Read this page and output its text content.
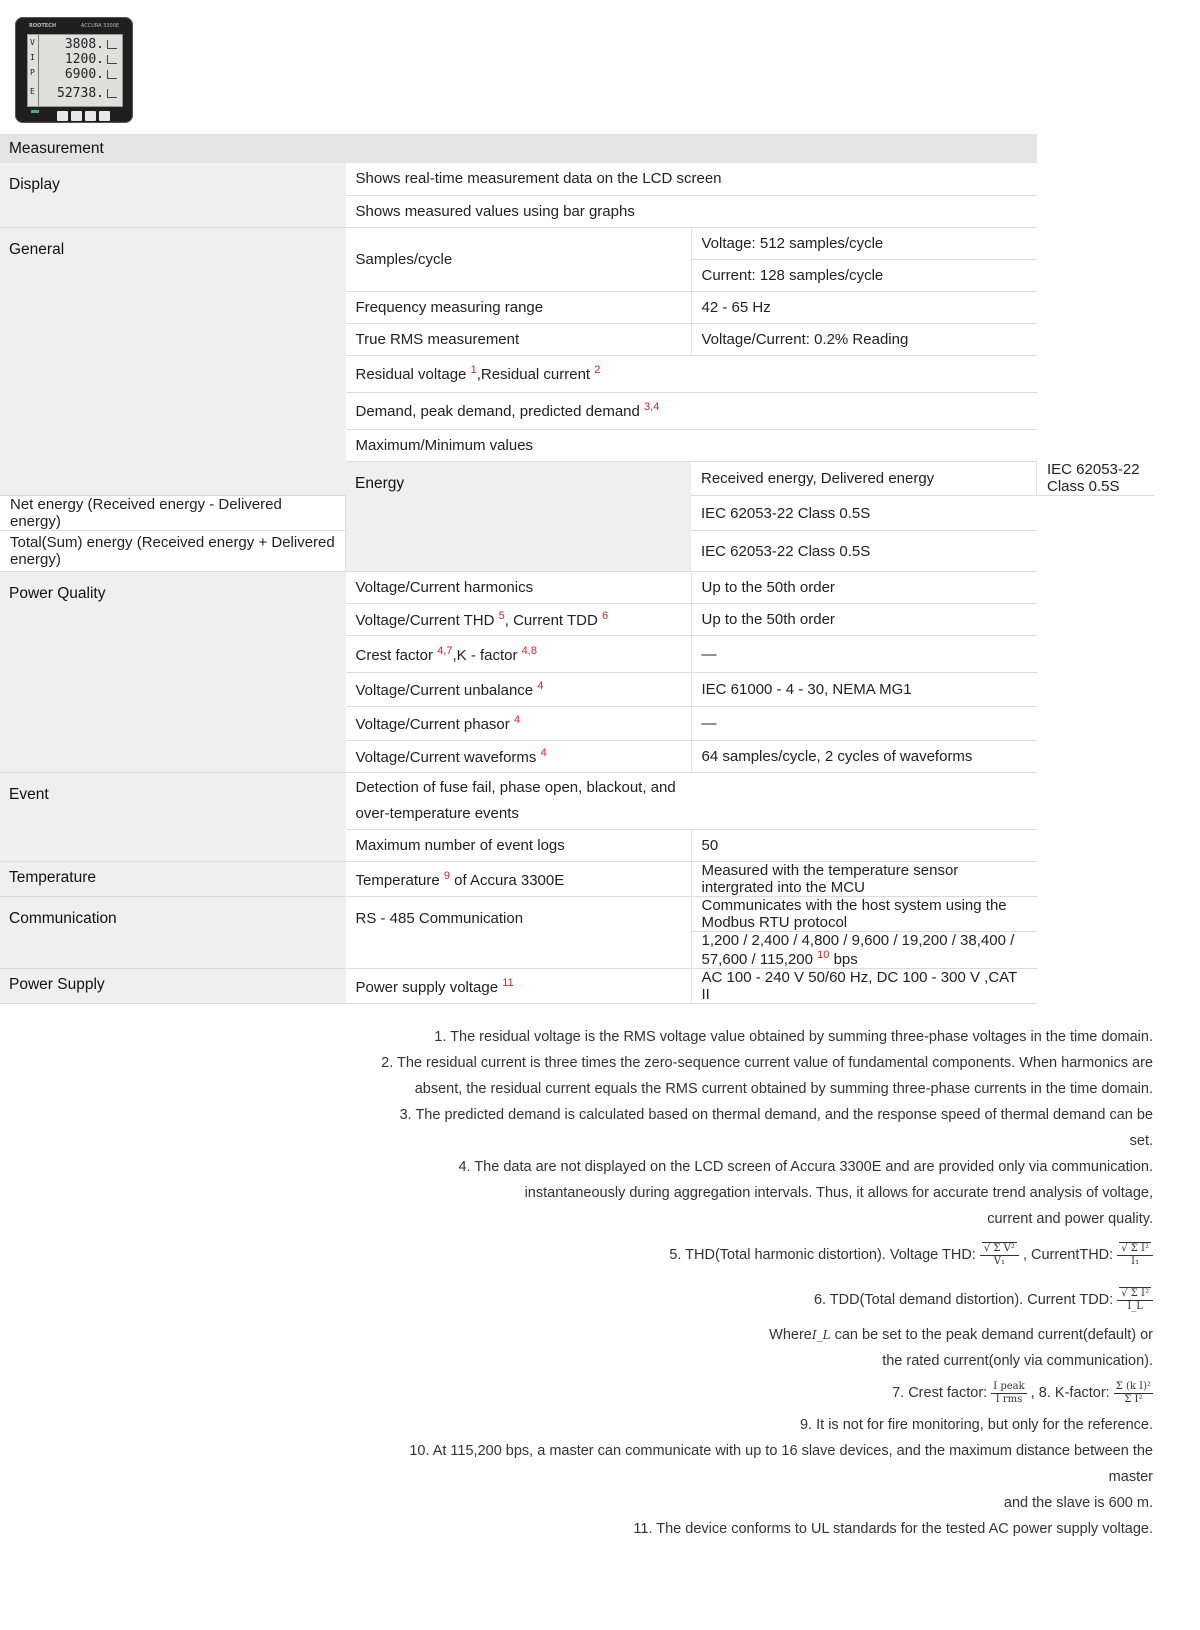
ROOTECH	ACCURA 3300E
V 3808.
I 1200.
P 6900.
E 52738.
Measurement			
Display	Shows real-time measurement data on the LCD screen		
	Shows measured values using bar graphs		
General	Samples/cycle	Voltage: 512 samples/cycle	
		Current: 128 samples/cycle	
	Frequency measuring range	42 - 65 Hz	
	True RMS measurement	Voltage/Current: 0.2% Reading	
	Residual voltage $^1$,Residual current $^2$
	Demand, peak demand, predicted demand $^{3,4}$
	Maximum/Minimum values		
	Energy	Received energy, Delivered energy	IEC 62053-22 Class 0.5S
Net energy (Received energy - Delivered energy)		IEC 62053-22 Class 0.5S	
Total(Sum) energy (Received energy + Delivered energy)		IEC 62053-22 Class 0.5S	
Power Quality	Voltage/Current harmonics	Up to the 50th order	
	Voltage/Current THD $^5$, Current TDD $^6$	Up to the 50th order	
	Crest factor $^{4,7}$,K - factor $^{4,8}$	—	
	Voltage/Current unbalance $^4$	IEC 61000 - 4 - 30, NEMA MG1	
	Voltage/Current phasor $^4$	—	
	Voltage/Current waveforms $^4$	64 samples/cycle, 2 cycles of waveforms	
Event	Detection of fuse fail, phase open, blackout, and
over-temperature events		
	Maximum number of event logs	50	
Temperature	Temperature $^9$ of Accura 3300E	Measured with the temperature sensor intergrated into the MCU	
Communication	RS - 485 Communication	Communicates with the host system using the Modbus RTU protocol	
		1,200 / 2,400 / 4,800 / 9,600 / 19,200 / 38,400 / 57,600 / 115,200 $^{10}$ bps	
Power Supply	Power supply voltage $^{11}$	AC 100 - 240 V 50/60 Hz, DC 100 - 300 V ,CAT II	

1. The residual voltage is the RMS voltage value obtained by summing three-phase voltages in the time domain.

2. The residual current is three times the zero-sequence current value of fundamental components. When harmonics are

absent, the residual current equals the RMS current obtained by summing three-phase currents in the time domain.

3. The predicted demand is calculated based on thermal demand, and the response speed of thermal demand can be set.

4. The data are not displayed on the LCD screen of Accura 3300E and are provided only via communication.

instantaneously during aggregation intervals. Thus, it allows for accurate trend analysis of voltage,

current and power quality.

5. THD(Total harmonic distortion). Voltage THD: $\frac{\text{√ Σ V²}}{\text{V₁}}$ , CurrentTHD: $\frac{\text{√ Σ I²}}{\text{I₁}}$

6. TDD(Total demand distortion). Current TDD: $\frac{\text{√ Σ I²}}{I\_L}$

WhereI_L can be set to the peak demand current(default) or

the rated current(only via communication).

7. Crest factor: $\frac{\text{I peak}}{\text{I rms}}$ , 8. K-factor: $\frac{\text{Σ (k I)²}}{\text{Σ I²}}$

9. It is not for fire monitoring, but only for the reference.

10. At 115,200 bps, a master can communicate with up to 16 slave devices, and the maximum distance between the master

and the slave is 600 m.

11. The device conforms to UL standards for the tested AC power supply voltage.
